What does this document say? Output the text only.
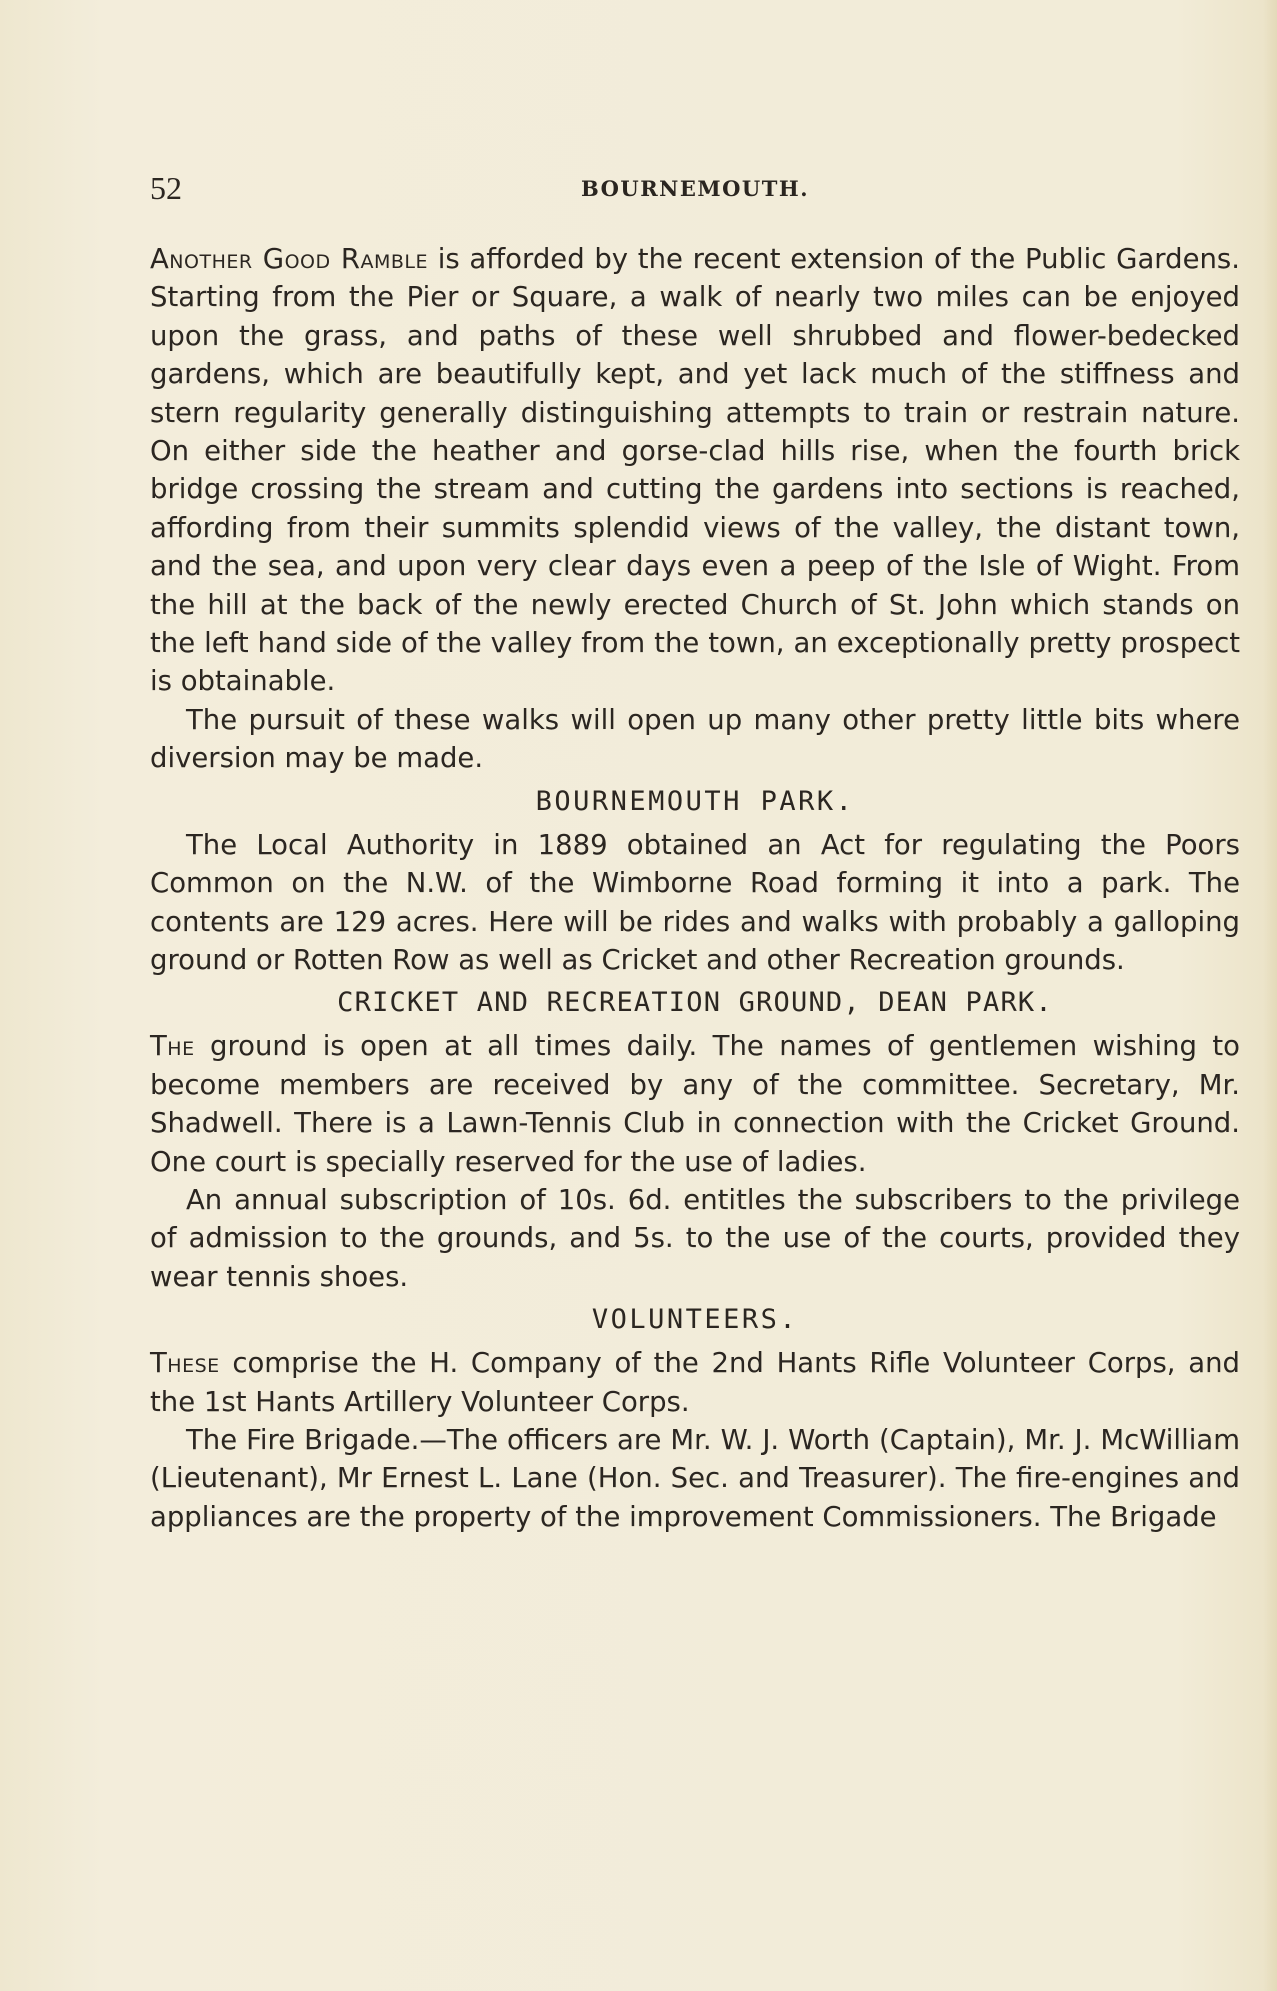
52	BOURNEMOUTH.

Another Good Ramble is afforded by the recent extension of the Public Gardens. Starting from the Pier or Square, a walk of nearly two miles can be enjoyed upon the grass, and paths of these well shrubbed and flower-bedecked gardens, which are beautifully kept, and yet lack much of the stiffness and stern regularity generally distinguishing attempts to train or restrain nature. On either side the heather and gorse-clad hills rise, when the fourth brick bridge crossing the stream and cutting the gardens into sections is reached, affording from their summits splendid views of the valley, the distant town, and the sea, and upon very clear days even a peep of the Isle of Wight. From the hill at the back of the newly erected Church of St. John which stands on the left hand side of the valley from the town, an exceptionally pretty prospect is obtainable.

The pursuit of these walks will open up many other pretty little bits where diversion may be made.

BOURNEMOUTH PARK.

The Local Authority in 1889 obtained an Act for regulating the Poors Common on the N.W. of the Wimborne Road forming it into a park. The contents are 129 acres. Here will be rides and walks with probably a galloping ground or Rotten Row as well as Cricket and other Recreation grounds.

CRICKET AND RECREATION GROUND, DEAN PARK.

The ground is open at all times daily. The names of gentlemen wishing to become members are received by any of the committee. Secretary, Mr. Shadwell. There is a Lawn-Tennis Club in connection with the Cricket Ground. One court is specially reserved for the use of ladies.

An annual subscription of 10s. 6d. entitles the subscribers to the privilege of admission to the grounds, and 5s. to the use of the courts, provided they wear tennis shoes.

VOLUNTEERS.

These comprise the H. Company of the 2nd Hants Rifle Volunteer Corps, and the 1st Hants Artillery Volunteer Corps.

The Fire Brigade.—The officers are Mr. W. J. Worth (Captain), Mr. J. McWilliam (Lieutenant), Mr Ernest L. Lane (Hon. Sec. and Treasurer). The fire-engines and appliances are the property of the improvement Commissioners. The Brigade
